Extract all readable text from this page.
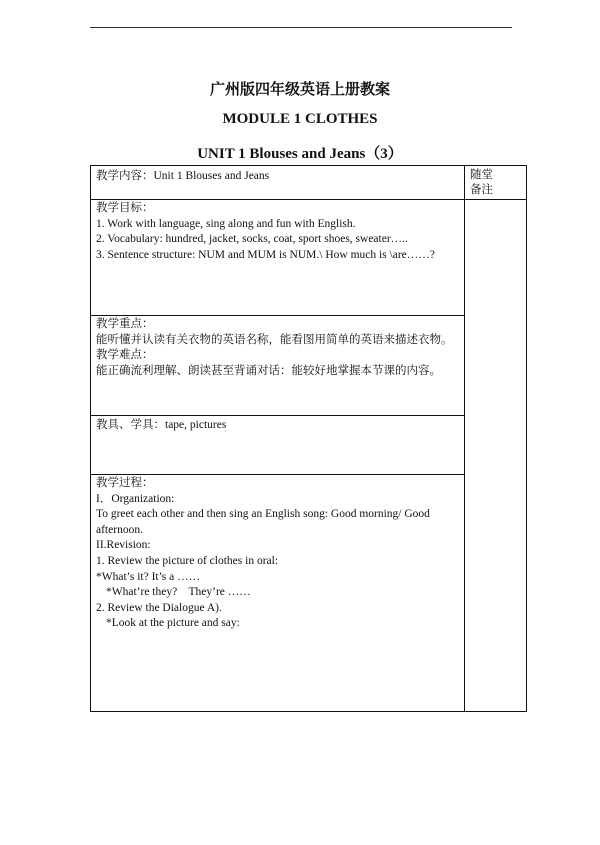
广州版四年级英语上册教案
MODULE 1 CLOTHES
UNIT 1 Blouses and Jeans（3）
随堂
备注
教学内容：Unit 1 Blouses and Jeans
教学目标：
1. Work with language, sing along and fun with English.
2. Vocabulary: hundred, jacket, socks, coat, sport shoes, sweater…..
3. Sentence structure: NUM and MUM is NUM.\ How much is \are……?
教学重点：
能听懂并认读有关衣物的英语名称，能看图用简单的英语来描述衣物。
教学难点：
能正确流利理解、朗读甚至背诵对话：能较好地掌握本节课的内容。
教具、学具：tape, pictures
教学过程：
I．Organization:
To greet each other and then sing an English song: Good morning/ Good afternoon.
II.Revision:
1. Review the picture of clothes in oral:
*What’s it? It’s a ……
*What’re they?    They’re ……
2. Review the Dialogue A).
*Look at the picture and say:
